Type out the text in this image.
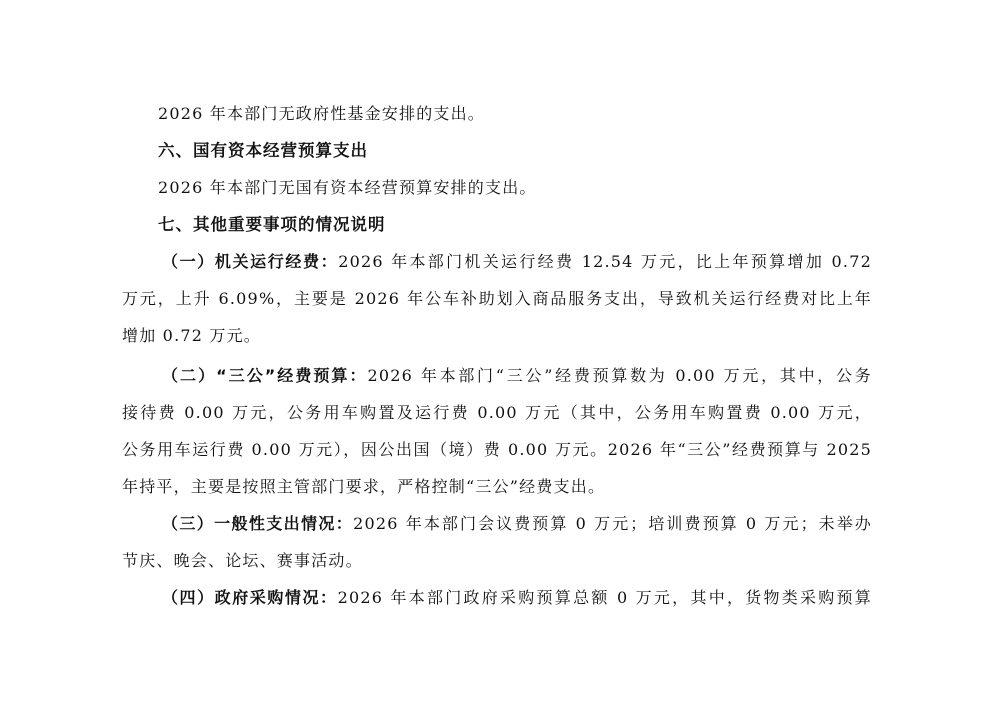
2026 年本部门无政府性基金安排的支出。
六、国有资本经营预算支出
2026 年本部门无国有资本经营预算安排的支出。
七、其他重要事项的情况说明
（一）机关运行经费：2026 年本部门机关运行经费 12.54 万元，比上年预算增加 0.72
万元，上升 6.09%，主要是 2026 年公车补助划入商品服务支出，导致机关运行经费对比上年
增加 0.72 万元。
（二）“三公”经费预算：2026 年本部门“三公”经费预算数为 0.00 万元，其中，公务
接待费 0.00 万元，公务用车购置及运行费 0.00 万元（其中，公务用车购置费 0.00 万元，
公务用车运行费 0.00 万元），因公出国（境）费 0.00 万元。2026 年“三公”经费预算与 2025
年持平，主要是按照主管部门要求，严格控制“三公”经费支出。
（三）一般性支出情况：2026 年本部门会议费预算 0 万元；培训费预算 0 万元；未举办
节庆、晚会、论坛、赛事活动。
（四）政府采购情况：2026 年本部门政府采购预算总额 0 万元，其中，货物类采购预算
